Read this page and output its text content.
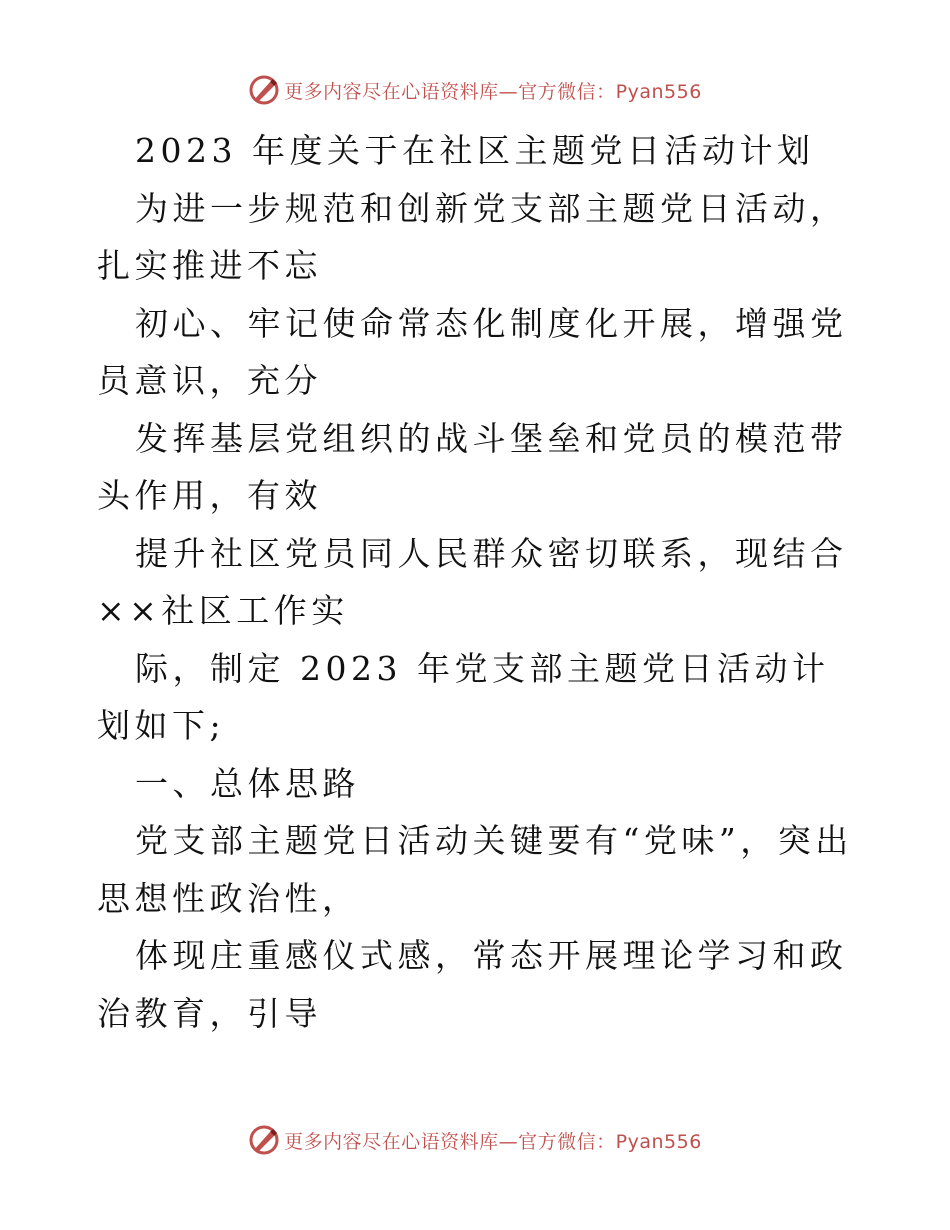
更多内容尽在心语资料库—官方微信：Pyan556

2023 年度关于在社区主题党日活动计划

为进一步规范和创新党支部主题党日活动，扎实推进不忘

初心、牢记使命常态化制度化开展，增强党员意识，充分

发挥基层党组织的战斗堡垒和党员的模范带头作用，有效

提升社区党员同人民群众密切联系，现结合××社区工作实

际，制定 2023 年党支部主题党日活动计划如下;

一、总体思路

党支部主题党日活动关键要有“党味”，突出思想性政治性，

体现庄重感仪式感，常态开展理论学习和政治教育，引导

更多内容尽在心语资料库—官方微信：Pyan556
